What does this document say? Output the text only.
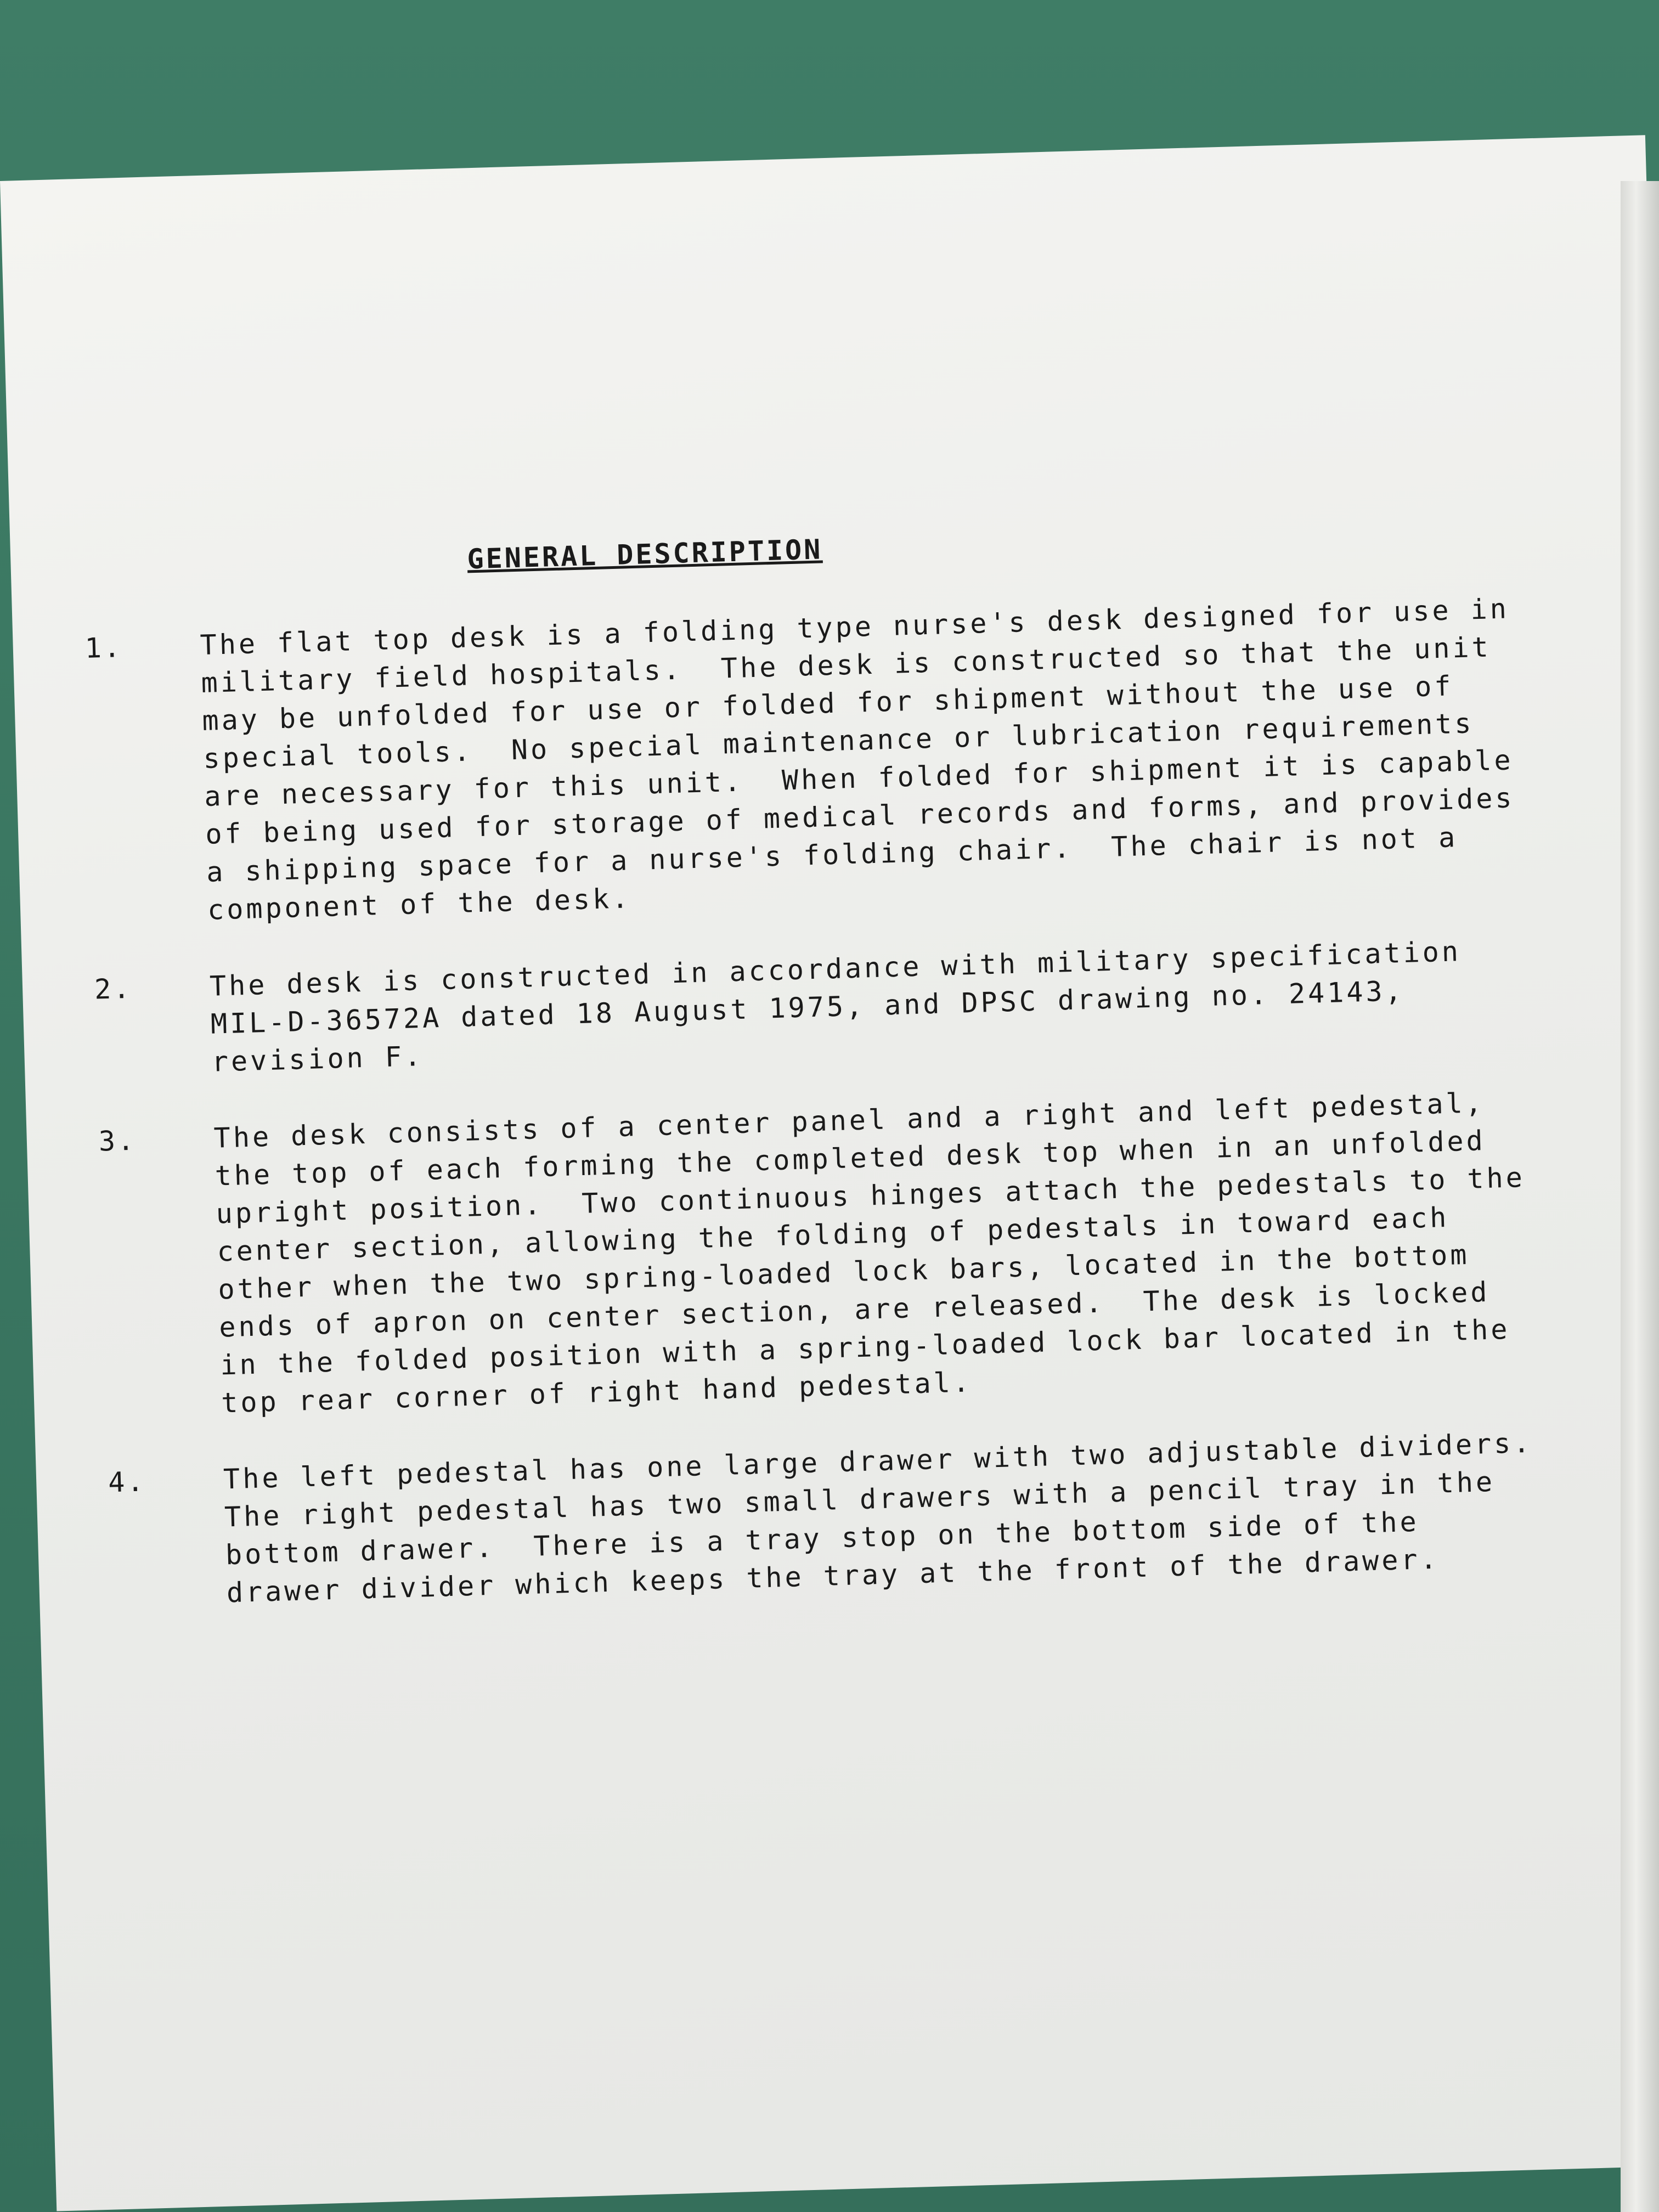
GENERAL DESCRIPTION
1.	The flat top desk is a folding type nurse's desk designed for use in military field hospitals.  The desk is constructed so that the unit may be unfolded for use or folded for shipment without the use of special tools.  No special maintenance or lubrication requirements are necessary for this unit.  When folded for shipment it is capable of being used for storage of medical records and forms, and provides a shipping space for a nurse's folding chair.  The chair is not a component of the desk.
2.	The desk is constructed in accordance with military specification MIL-D-36572A dated 18 August 1975, and DPSC drawing no. 24143, revision F.
3.	The desk consists of a center panel and a right and left pedestal, the top of each forming the completed desk top when in an unfolded upright position.  Two continuous hinges attach the pedestals to the center section, allowing the folding of pedestals in toward each other when the two spring-loaded lock bars, located in the bottom ends of apron on center section, are released.  The desk is locked in the folded position with a spring-loaded lock bar located in the top rear corner of right hand pedestal.
4.	The left pedestal has one large drawer with two adjustable dividers.  The right pedestal has two small drawers with a pencil tray in the bottom drawer.  There is a tray stop on the bottom side of the drawer divider which keeps the tray at the front of the drawer.
